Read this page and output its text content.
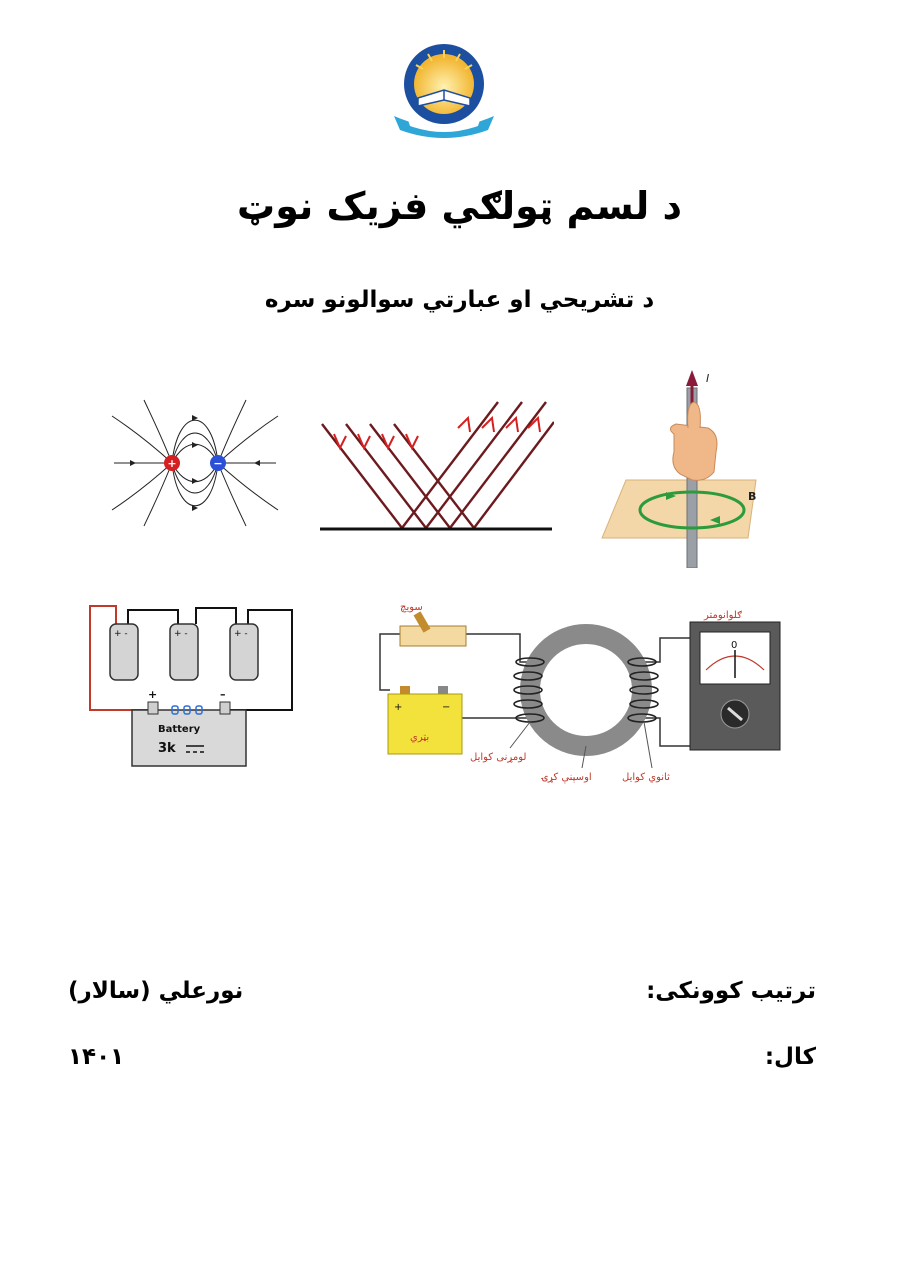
د لسم ټولګي فزیک نوټ
د تشریحي او عبارتي سوالونو سره
+	−
I
B
+ -	+ -	+ -
+	–
Battery
3k
سویچ
+	−
بټري
0
ګلوانومتر
لومړنی کوایل
اوسپنې کړۍ	ثانوي کوایل
ترتیب کوونکی:
نورعلي (سالار)
کال:
۱۴۰۱
